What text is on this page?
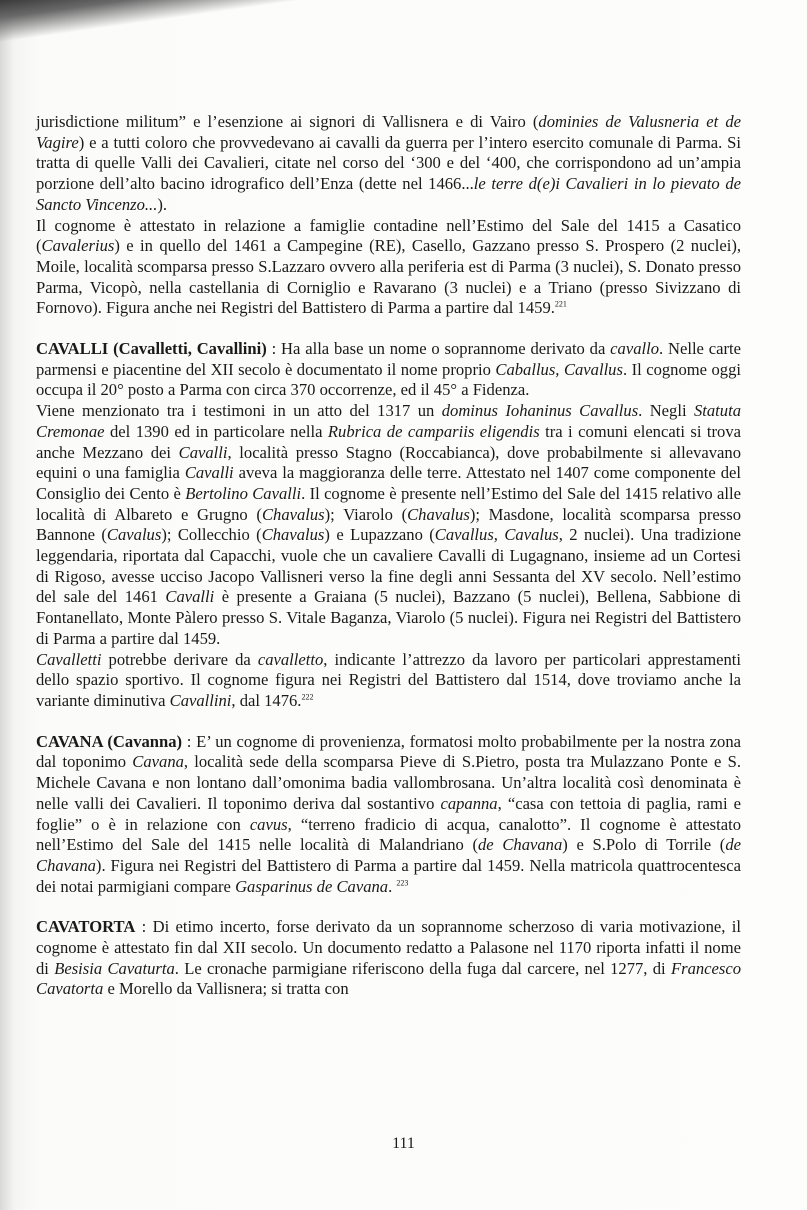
jurisdictione militum” e l’esenzione ai signori di Vallisnera e di Vairo (dominies de Valusneria et de Vagire) e a tutti coloro che provvedevano ai cavalli da guerra per l’intero esercito comunale di Parma. Si tratta di quelle Valli dei Cavalieri, citate nel corso del ‘300 e del ‘400, che corrispondono ad un’ampia porzione dell’alto bacino idrografico dell’Enza (dette nel 1466...le terre d(e)i Cavalieri in lo pievato de Sancto Vincenzo...).

Il cognome è attestato in relazione a famiglie contadine nell’Estimo del Sale del 1415 a Casatico (Cavalerius) e in quello del 1461 a Campegine (RE), Casello, Gazzano presso S. Prospero (2 nuclei), Moile, località scomparsa presso S.Lazzaro ovvero alla periferia est di Parma (3 nuclei), S. Donato presso Parma, Vicopò, nella castellania di Corniglio e Ravarano (3 nuclei) e a Triano (presso Sivizzano di Fornovo). Figura anche nei Registri del Battistero di Parma a partire dal 1459.$^{221}$

CAVALLI (Cavalletti, Cavallini) : Ha alla base un nome o soprannome derivato da cavallo. Nelle carte parmensi e piacentine del XII secolo è documentato il nome proprio Caballus, Cavallus. Il cognome oggi occupa il 20° posto a Parma con circa 370 occorrenze, ed il 45° a Fidenza.

Viene menzionato tra i testimoni in un atto del 1317 un dominus Iohaninus Cavallus. Negli Statuta Cremonae del 1390 ed in particolare nella Rubrica de campariis eligendis tra i comuni elencati si trova anche Mezzano dei Cavalli, località presso Stagno (Roccabianca), dove probabilmente si allevavano equini o una famiglia Cavalli aveva la maggioranza delle terre. Attestato nel 1407 come componente del Consiglio dei Cento è Bertolino Cavalli. Il cognome è presente nell’Estimo del Sale del 1415 relativo alle località di Albareto e Grugno (Chavalus); Viarolo (Chavalus); Masdone, località scomparsa presso Bannone (Cavalus); Collecchio (Chavalus) e Lupazzano (Cavallus, Cavalus, 2 nuclei). Una tradizione leggendaria, riportata dal Capacchi, vuole che un cavaliere Cavalli di Lugagnano, insieme ad un Cortesi di Rigoso, avesse ucciso Jacopo Vallisneri verso la fine degli anni Sessanta del XV secolo. Nell’estimo del sale del 1461 Cavalli è presente a Graiana (5 nuclei), Bazzano (5 nuclei), Bellena, Sabbione di Fontanellato, Monte Pàlero presso S. Vitale Baganza, Viarolo (5 nuclei). Figura nei Registri del Battistero di Parma a partire dal 1459.

Cavalletti potrebbe derivare da cavalletto, indicante l’attrezzo da lavoro per particolari apprestamenti dello spazio sportivo. Il cognome figura nei Registri del Battistero dal 1514, dove troviamo anche la variante diminutiva Cavallini, dal 1476.$^{222}$

CAVANA (Cavanna) : E’ un cognome di provenienza, formatosi molto probabilmente per la nostra zona dal toponimo Cavana, località sede della scomparsa Pieve di S.Pietro, posta tra Mulazzano Ponte e S. Michele Cavana e non lontano dall’omonima badia vallombrosana. Un’altra località così denominata è nelle valli dei Cavalieri. Il toponimo deriva dal sostantivo capanna, “casa con tettoia di paglia, rami e foglie” o è in relazione con cavus, “terreno fradicio di acqua, canalotto”. Il cognome è attestato nell’Estimo del Sale del 1415 nelle località di Malandriano (de Chavana) e S.Polo di Torrile (de Chavana). Figura nei Registri del Battistero di Parma a partire dal 1459. Nella matricola quattrocentesca dei notai parmigiani compare Gasparinus de Cavana. $^{223}$

CAVATORTA : Di etimo incerto, forse derivato da un soprannome scherzoso di varia motivazione, il cognome è attestato fin dal XII secolo. Un documento redatto a Palasone nel 1170 riporta infatti il nome di Besisia Cavaturta. Le cronache parmigiane riferiscono della fuga dal carcere, nel 1277, di Francesco Cavatorta e Morello da Vallisnera; si tratta con

111
